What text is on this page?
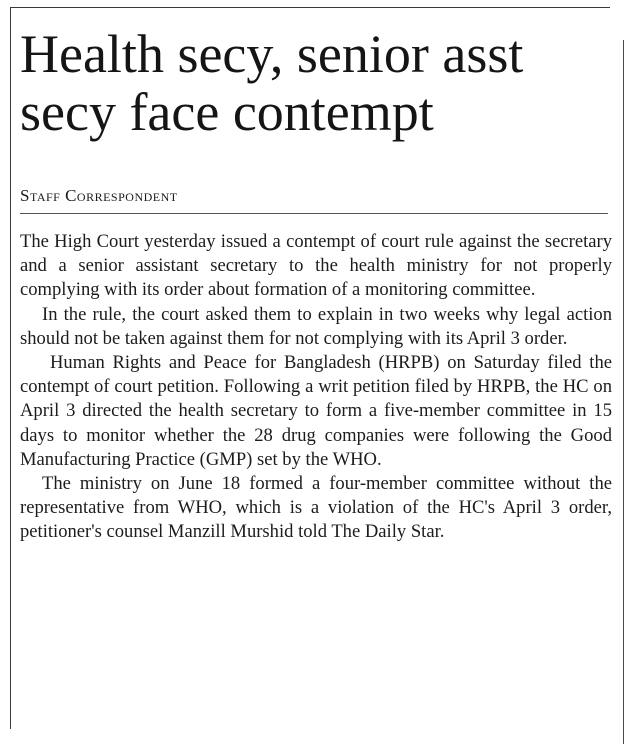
Health secy, senior asst secy face contempt
Staff Correspondent

The High Court yesterday issued a contempt of court rule against the secretary and a senior assistant secretary to the health ministry for not properly complying with its order about formation of a monitoring committee.

In the rule, the court asked them to explain in two weeks why legal action should not be taken against them for not complying with its April 3 order.

Human Rights and Peace for Bangladesh (HRPB) on Saturday filed the contempt of court petition. Following a writ petition filed by HRPB, the HC on April 3 directed the health secretary to form a five-member committee in 15 days to monitor whether the 28 drug companies were following the Good Manufacturing Practice (GMP) set by the WHO.

The ministry on June 18 formed a four-member committee without the representative from WHO, which is a violation of the HC's April 3 order, petitioner's counsel Manzill Murshid told The Daily Star.
